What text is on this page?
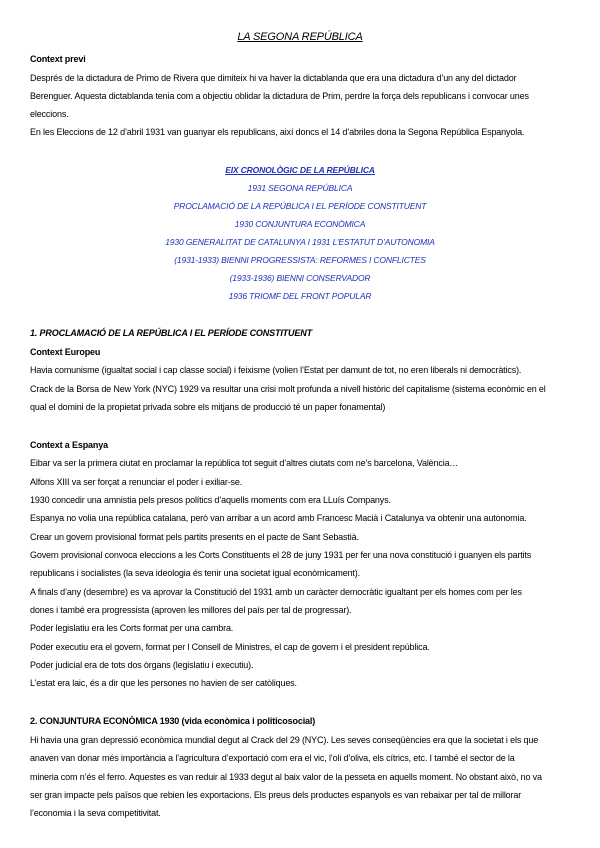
LA SEGONA REPÚBLICA
Context previ
Després de la dictadura de Primo de Rivera que dimiteix hi va haver la dictablanda que era una dictadura d’un any del dictador
Berenguer. Aquesta dictablanda tenia com a objectiu oblidar la dictadura de Prim, perdre la força dels republicans i convocar unes
eleccions.
En les Eleccions de 12 d’abril 1931 van guanyar els republicans, així doncs el 14 d’abriles dona la Segona República Espanyola.
EIX CRONOLÒGIC DE LA REPÚBLICA
1931 SEGONA REPÚBLICA
PROCLAMACIÓ DE LA REPÚBLICA I EL PERÍODE CONSTITUENT
1930 CONJUNTURA ECONÒMICA
1930 GENERALITAT DE CATALUNYA I 1931 L’ESTATUT D’AUTONOMIA
(1931-1933) BIENNI PROGRESSISTA: REFORMES I CONFLICTES
(1933-1936) BIENNI CONSERVADOR
1936 TRIOMF DEL FRONT POPULAR
1. PROCLAMACIÓ DE LA REPÚBLICA I EL PERÍODE CONSTITUENT
Context Europeu
Havia comunisme (igualtat social i cap classe social) i feixisme (volien l’Estat per damunt de tot, no eren liberals ni democràtics).
Crack de la Borsa de New York (NYC) 1929 va resultar una crisi molt profunda a nivell històric del capitalisme (sistema econòmic en el
qual el domini de la propietat privada sobre els mitjans de producció té un paper fonamental)
Context a Espanya
Eibar va ser la primera ciutat en proclamar la república tot seguit d’altres ciutats com ne’s barcelona, València…
Alfons XIII va ser forçat a renunciar el poder i exiliar-se.
1930 concedir una amnistia pels presos polítics d’aquells moments com era LLuís Companys.
Espanya no volia una república catalana, però van arribar a un acord amb Francesc Macià i Catalunya va obtenir una autonomia.
Crear un govern provisional format pels partits presents en el pacte de Sant Sebastià.
Govern provisional convoca eleccions a les Corts Constituents el 28 de juny 1931 per fer una nova constitució i guanyen els partits
republicans i socialistes (la seva ideologia és tenir una societat igual econòmicament).
A finals d’any (desembre) es va aprovar la Constitució del 1931 amb un caràcter democràtic igualtant per els homes com per les
dones i també era progressista (aproven les millores del país per tal de progressar).
Poder legislatiu era les Corts format per una cambra.
Poder executiu era el govern, format per l Consell de Ministres, el cap de govern i el president república.
Poder judicial era de tots dos òrgans (legislatiu i executiu).
L’estat era laic, és a dir que les persones no havien de ser catòliques.
2. CONJUNTURA ECONÒMICA 1930 (vida econòmica i politicosocial)
Hi havia una gran depressió econòmica mundial degut al Crack del 29 (NYC). Les seves conseqüències era que la societat i els que
anaven van donar més importància a l’agricultura d’exportació com era el vic, l’oli d’oliva, els cítrics, etc. I també el sector de la
mineria com n’és el ferro. Aquestes es van reduir al 1933 degut al baix valor de la pesseta en aquells moment. No obstant això, no va
ser gran impacte pels països que rebien les exportacions. Els preus dels productes espanyols es van rebaixar per tal de millorar
l’economia i la seva competitivitat.
